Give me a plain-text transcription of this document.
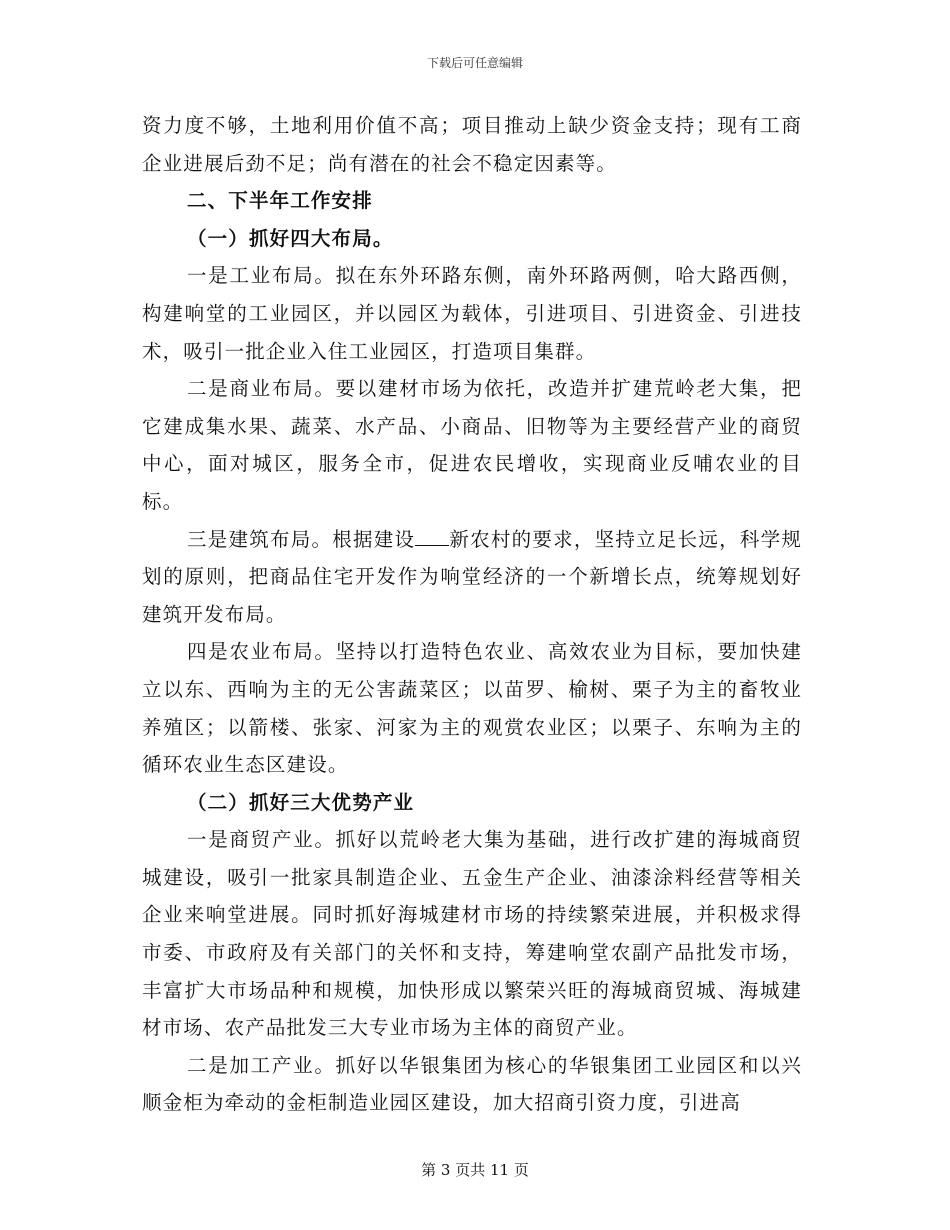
下载后可任意编辑

资力度不够，土地利用价值不高；项目推动上缺少资金支持；现有工商企业进展后劲不足；尚有潜在的社会不稳定因素等。

二、下半年工作安排

（一）抓好四大布局。

一是工业布局。拟在东外环路东侧，南外环路两侧，哈大路西侧，构建响堂的工业园区，并以园区为载体，引进项目、引进资金、引进技术，吸引一批企业入住工业园区，打造项目集群。

二是商业布局。要以建材市场为依托，改造并扩建荒岭老大集，把它建成集水果、蔬菜、水产品、小商品、旧物等为主要经营产业的商贸中心，面对城区，服务全市，促进农民增收，实现商业反哺农业的目标。

三是建筑布局。根据建设 新农村的要求，坚持立足长远，科学规划的原则，把商品住宅开发作为响堂经济的一个新增长点，统筹规划好建筑开发布局。

四是农业布局。坚持以打造特色农业、高效农业为目标，要加快建立以东、西响为主的无公害蔬菜区；以苗罗、榆树、栗子为主的畜牧业养殖区；以箭楼、张家、河家为主的观赏农业区；以栗子、东响为主的循环农业生态区建设。

（二）抓好三大优势产业

一是商贸产业。抓好以荒岭老大集为基础，进行改扩建的海城商贸城建设，吸引一批家具制造企业、五金生产企业、油漆涂料经营等相关企业来响堂进展。同时抓好海城建材市场的持续繁荣进展，并积极求得市委、市政府及有关部门的关怀和支持，筹建响堂农副产品批发市场，丰富扩大市场品种和规模，加快形成以繁荣兴旺的海城商贸城、海城建材市场、农产品批发三大专业市场为主体的商贸产业。

二是加工产业。抓好以华银集团为核心的华银集团工业园区和以兴顺金柜为牵动的金柜制造业园区建设，加大招商引资力度，引进高

第 3 页共 11 页
